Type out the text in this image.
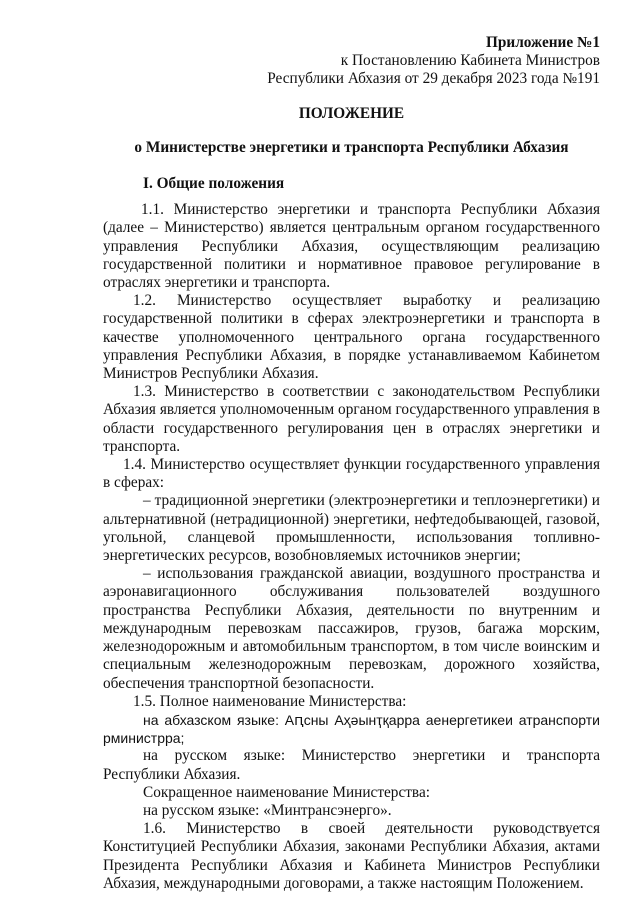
Приложение №1
к Постановлению Кабинета Министров
Республики Абхазия от 29 декабря 2023 года №191
ПОЛОЖЕНИЕ
о Министерстве энергетики и транспорта Республики Абхазия
I. Общие положения

1.1. Министерство энергетики и транспорта Республики Абхазия (далее – Министерство) является центральным органом государственного управления Республики Абхазия, осуществляющим реализацию государственной политики и нормативное правовое регулирование в отраслях энергетики и транспорта.

1.2. Министерство осуществляет выработку и реализацию государственной политики в сферах электроэнергетики и транспорта в качестве уполномоченного центрального органа государственного управления Республики Абхазия, в порядке устанавливаемом Кабинетом Министров Республики Абхазия.

1.3. Министерство в соответствии с законодательством Республики Абхазия является уполномоченным органом государственного управления в области государственного регулирования цен в отраслях энергетики и транспорта.

1.4. Министерство осуществляет функции государственного управления в сферах:

– традиционной энергетики (электроэнергетики и теплоэнергетики) и альтернативной (нетрадиционной) энергетики, нефтедобывающей, газовой, угольной, сланцевой промышленности, использования топливно-энергетических ресурсов, возобновляемых источников энергии;

– использования гражданской авиации, воздушного пространства и аэронавигационного обслуживания пользователей воздушного пространства Республики Абхазия, деятельности по внутренним и международным перевозкам пассажиров, грузов, багажа морским, железнодорожным и автомобильным транспортом, в том числе воинским и специальным железнодорожным перевозкам, дорожного хозяйства, обеспечения транспортной безопасности.

1.5. Полное наименование Министерства:

на абхазском языке: Аԥсны Аҳәынҭқарра аенергетикеи атранспорти рминистрра;

на русском языке: Министерство энергетики и транспорта Республики Абхазия.

Сокращенное наименование Министерства:

на русском языке: «Минтрансэнерго».

1.6. Министерство в своей деятельности руководствуется Конституцией Республики Абхазия, законами Республики Абхазия, актами Президента Республики Абхазия и Кабинета Министров Республики Абхазия, международными договорами, а также настоящим Положением.
